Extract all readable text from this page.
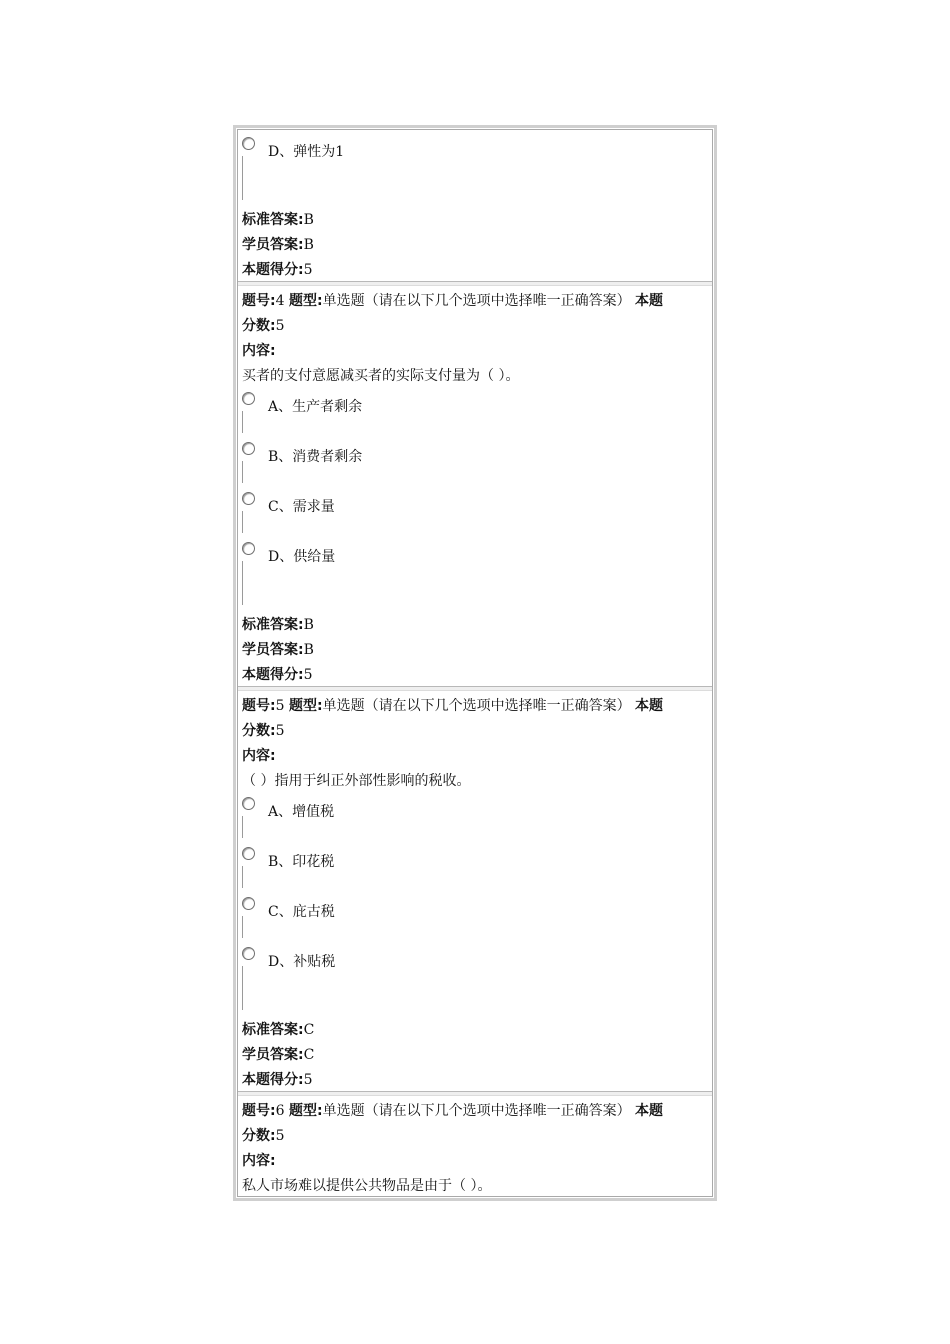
D、弹性为1
标准答案:B
学员答案:B
本题得分:5
题号:4 题型:单选题（请在以下几个选项中选择唯一正确答案） 本题
分数:5
内容:
买者的支付意愿减买者的实际支付量为（ ）。
A、生产者剩余
B、消费者剩余
C、需求量
D、供给量
标准答案:B
学员答案:B
本题得分:5
题号:5 题型:单选题（请在以下几个选项中选择唯一正确答案） 本题
分数:5
内容:
（ ）指用于纠正外部性影响的税收。
A、增值税
B、印花税
C、庇古税
D、补贴税
标准答案:C
学员答案:C
本题得分:5
题号:6 题型:单选题（请在以下几个选项中选择唯一正确答案） 本题
分数:5
内容:
私人市场难以提供公共物品是由于（ ）。
